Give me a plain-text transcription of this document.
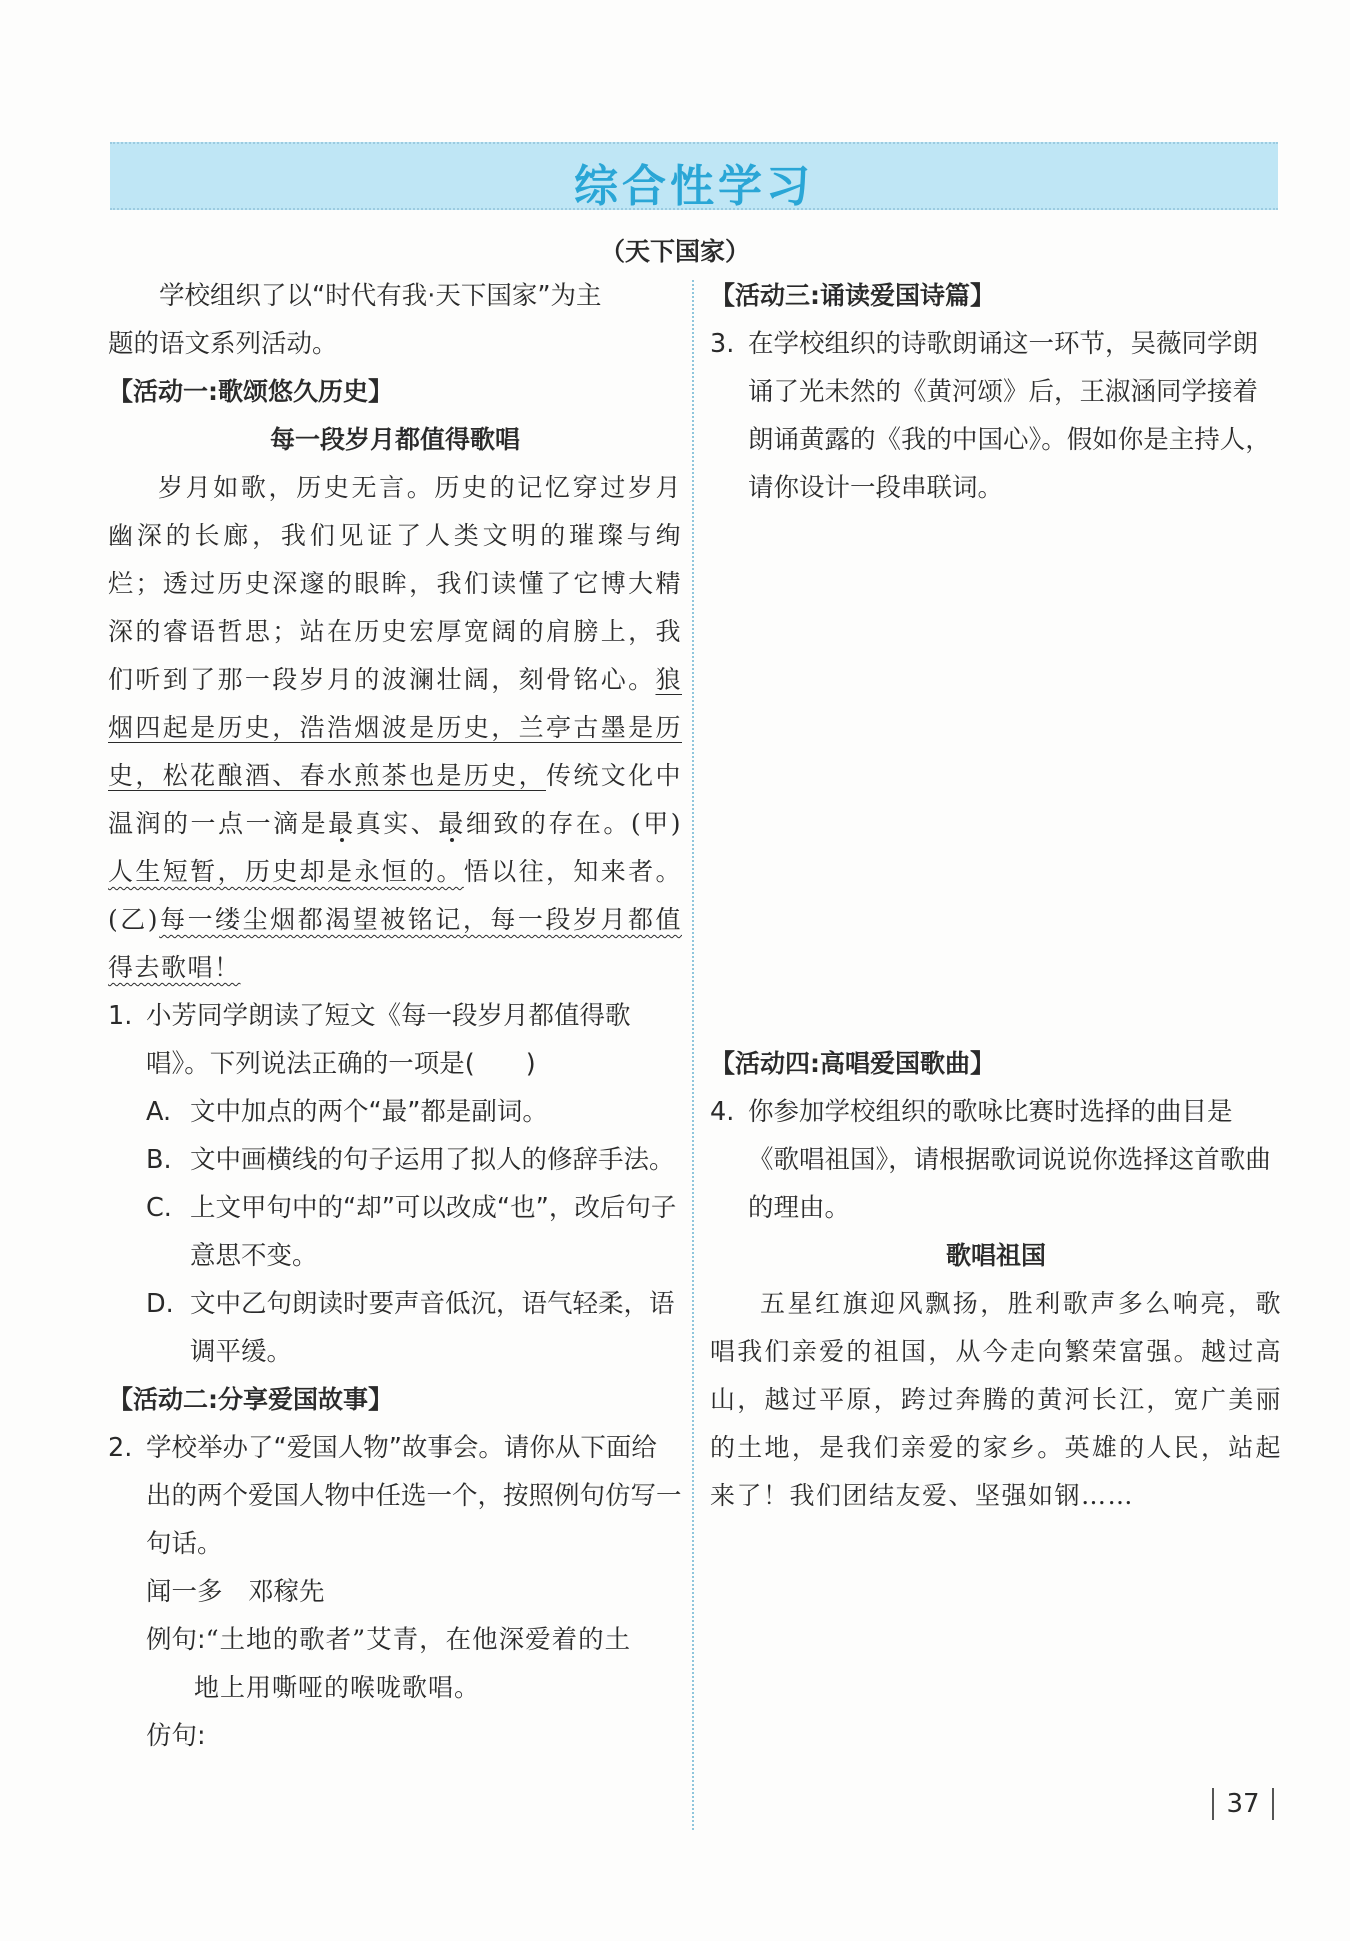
综合性学习
（天下国家）

学校组织了以“时代有我·天下国家”为主

题的语文系列活动。

【活动一:歌颂悠久历史】

每一段岁月都值得歌唱

岁月如歌，历史无言。历史的记忆穿过岁月幽深的长廊，我们见证了人类文明的璀璨与绚烂；透过历史深邃的眼眸，我们读懂了它博大精深的睿语哲思；站在历史宏厚宽阔的肩膀上，我们听到了那一段岁月的波澜壮阔，刻骨铭心。狼烟四起是历史，浩浩烟波是历史，兰亭古墨是历史，松花酿酒、春水煎茶也是历史，传统文化中温润的一点一滴是最真实、最细致的存在。(甲)人生短暂，历史却是永恒的。悟以往，知来者。(乙)每一缕尘烟都渴望被铭记，每一段岁月都值得去歌唱！

1. 小芳同学朗读了短文《每一段岁月都值得歌唱》。下列说法正确的一项是(　　)
A. 文中加点的两个“最”都是副词。
B. 文中画横线的句子运用了拟人的修辞手法。
C. 上文甲句中的“却”可以改成“也”，改后句子意思不变。
D. 文中乙句朗读时要声音低沉，语气轻柔，语调平缓。

【活动二:分享爱国故事】

2. 学校举办了“爱国人物”故事会。请你从下面给出的两个爱国人物中任选一个，按照例句仿写一句话。
闻一多　邓稼先
例句:“土地的歌者”艾青，在他深爱着的土
地上用嘶哑的喉咙歌唱。
仿句:

【活动三:诵读爱国诗篇】

3. 在学校组织的诗歌朗诵这一环节，吴薇同学朗诵了光未然的《黄河颂》后，王淑涵同学接着朗诵黄露的《我的中国心》。假如你是主持人，请你设计一段串联词。

【活动四:高唱爱国歌曲】

4. 你参加学校组织的歌咏比赛时选择的曲目是《歌唱祖国》，请根据歌词说说你选择这首歌曲的理由。

歌唱祖国

五星红旗迎风飘扬，胜利歌声多么响亮，歌唱我们亲爱的祖国，从今走向繁荣富强。越过高山，越过平原，跨过奔腾的黄河长江，宽广美丽的土地，是我们亲爱的家乡。英雄的人民，站起来了！我们团结友爱、坚强如钢……

37
